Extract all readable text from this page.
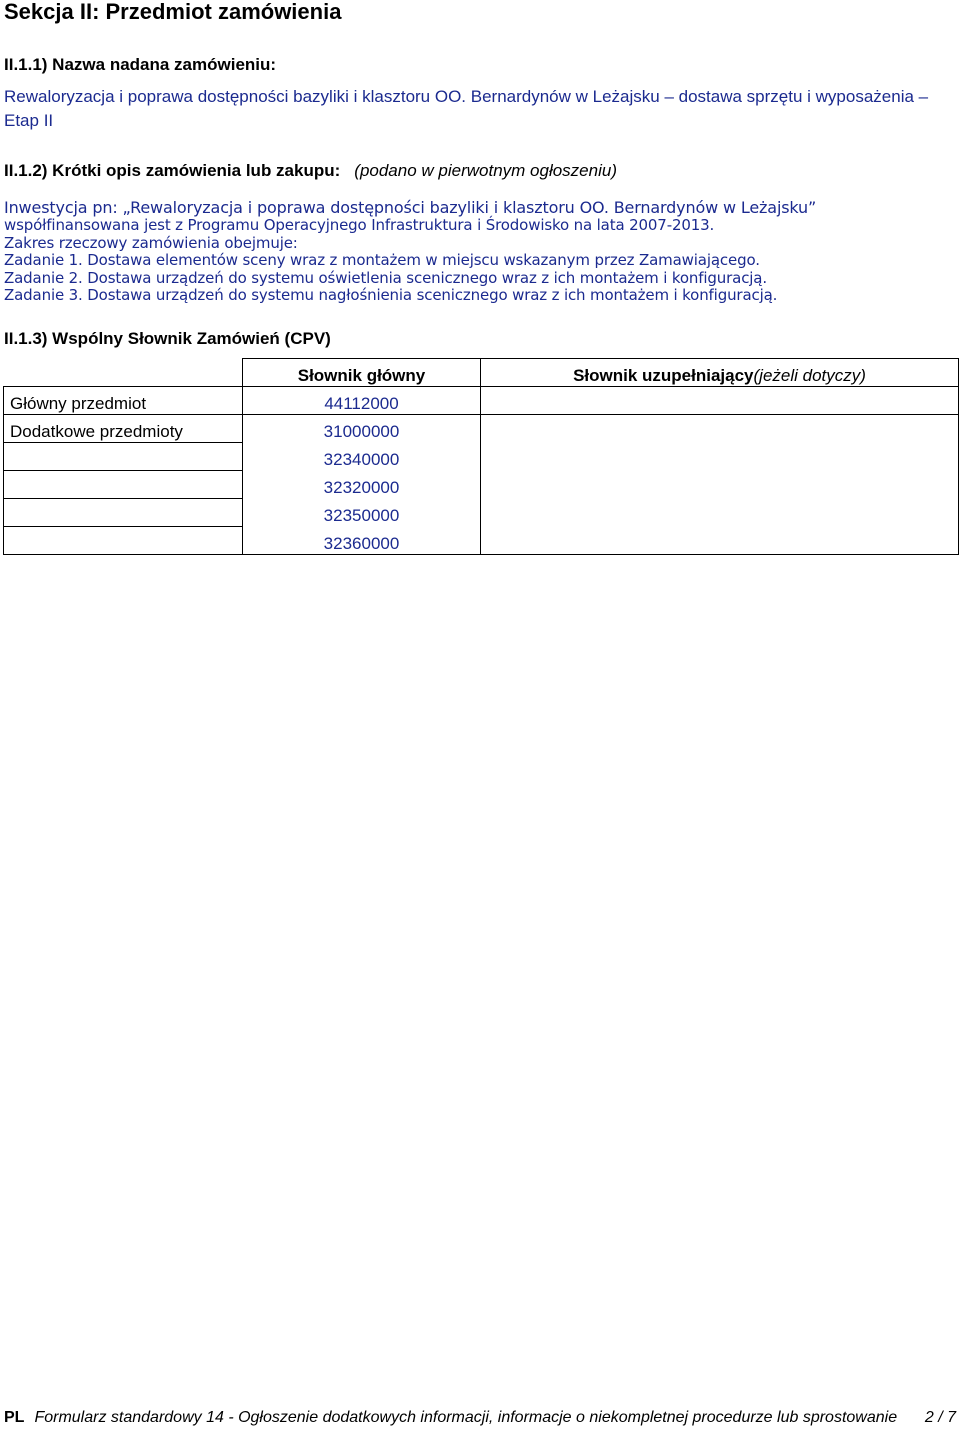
Sekcja II: Przedmiot zamówienia
II.1.1) Nazwa nadana zamówieniu:
Rewaloryzacja i poprawa dostępności bazyliki i klasztoru OO. Bernardynów w Leżajsku – dostawa sprzętu i wyposażenia – Etap II
II.1.2) Krótki opis zamówienia lub zakupu: (podano w pierwotnym ogłoszeniu)
Inwestycja pn: „Rewaloryzacja i poprawa dostępności bazyliki i klasztoru OO. Bernardynów w Leżajsku”
współfinansowana jest z Programu Operacyjnego Infrastruktura i Środowisko na lata 2007-2013.
Zakres rzeczowy zamówienia obejmuje:
Zadanie 1. Dostawa elementów sceny wraz z montażem w miejscu wskazanym przez Zamawiającego.
Zadanie 2. Dostawa urządzeń do systemu oświetlenia scenicznego wraz z ich montażem i konfiguracją.
Zadanie 3. Dostawa urządzeń do systemu nagłośnienia scenicznego wraz z ich montażem i konfiguracją.
II.1.3) Wspólny Słownik Zamówień (CPV)
	Słownik główny	Słownik uzupełniający(jeżeli dotyczy)
Główny przedmiot	44112000	
Dodatkowe przedmioty	31000000	
	32340000	
	32320000	
	32350000	
	32360000	
PL Formularz standardowy 14 - Ogłoszenie dodatkowych informacji, informacje o niekompletnej procedurze lub sprostowanie 2 / 7
